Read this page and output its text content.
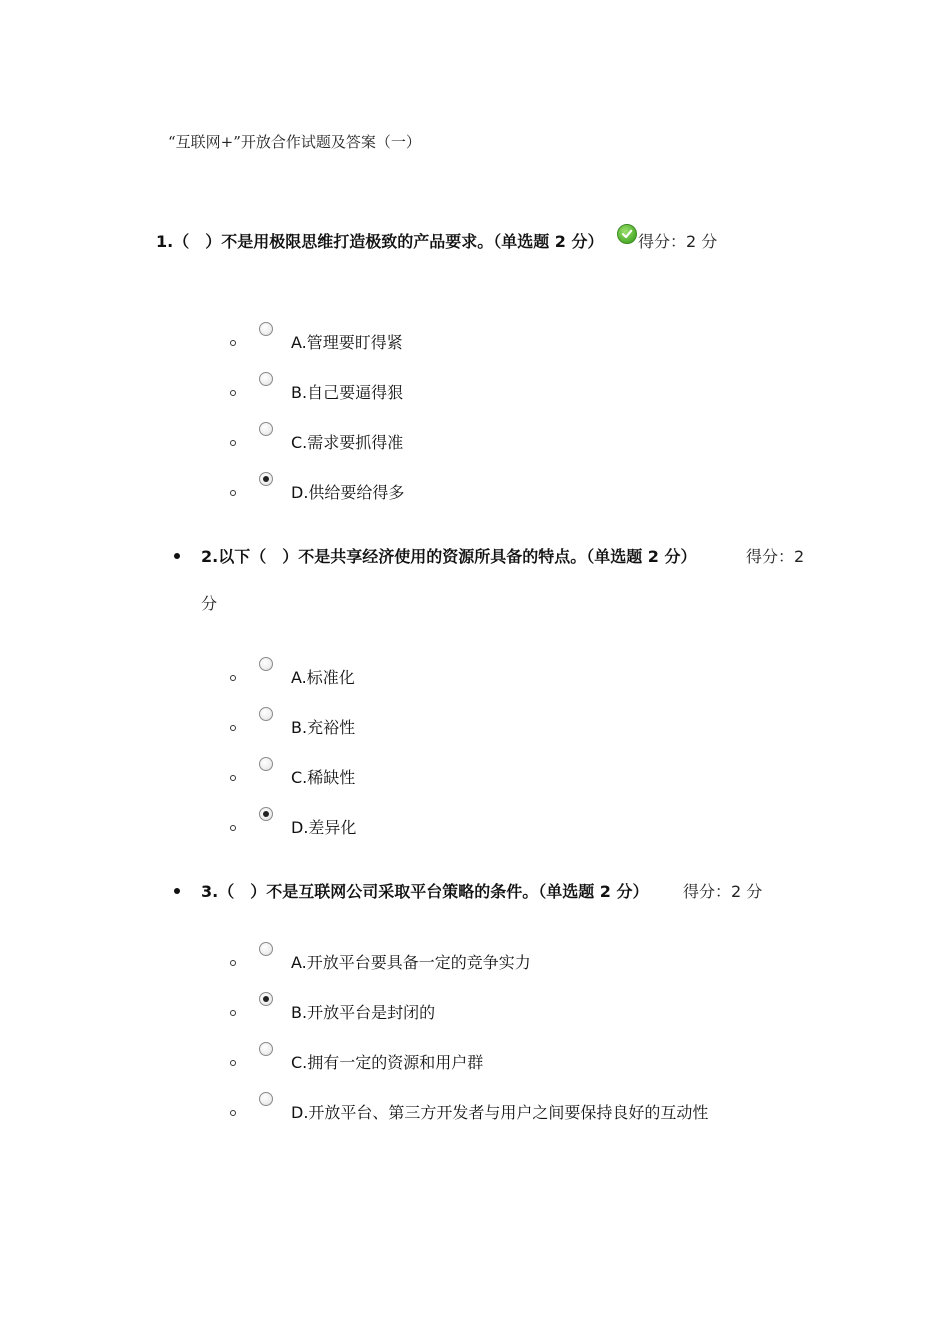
“互联网+”开放合作试题及答案（一）
1.（　）不是用极限思维打造极致的产品要求。（单选题 2 分） 得分：2 分
A.管理要盯得紧
B.自己要逼得狠
C.需求要抓得准
D.供给要给得多
2.以下（　）不是共享经济使用的资源所具备的特点。（单选题 2 分）	得分：2
分
A.标准化
B.充裕性
C.稀缺性
D.差异化
3.（　）不是互联网公司采取平台策略的条件。（单选题 2 分） 得分：2 分
A.开放平台要具备一定的竞争实力
B.开放平台是封闭的
C.拥有一定的资源和用户群
D.开放平台、第三方开发者与用户之间要保持良好的互动性
